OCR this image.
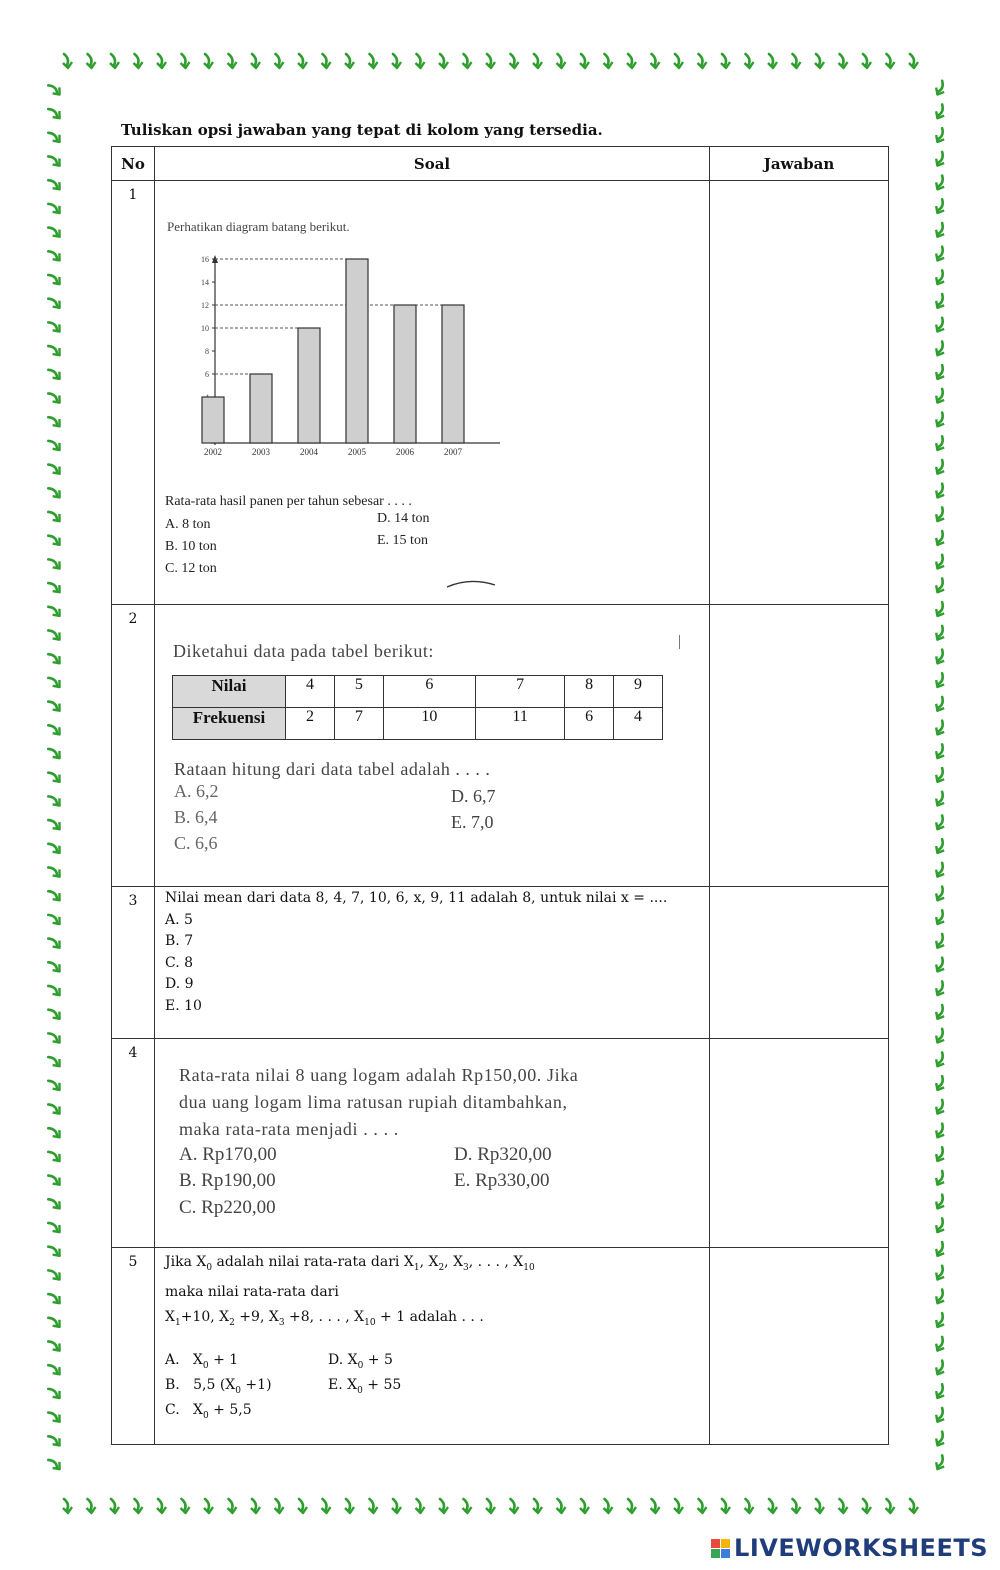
Tuliskan opsi jawaban yang tepat di kolom yang tersedia.
No	Soal	Jawaban
1	
Perhatikan diagram batang berikut.
6
8
10
12
14
16
2002	2003	2004	2005	2006	2007
Rata-rata hasil panen per tahun sebesar . . . .
A. 8 ton
B. 10 ton
C. 12 ton
D. 14 ton
E. 15 ton

2	
Diketahui data pada tabel berikut:
Nilai	4	5	6	7	8	9
Frekuensi	2	7	10	11	6	4
Rataan hitung dari data tabel adalah . . . .
A. 6,2
B. 6,4
C. 6,6
D. 6,7
E. 7,0

3	Nilai mean dari data 8, 4, 7, 10, 6, x, 9, 11 adalah 8, untuk nilai x = ....
A. 5
B. 7
C. 8
D. 9
E. 10

4	
Rata-rata nilai 8 uang logam adalah Rp150,00. Jika
dua uang logam lima ratusan rupiah ditambahkan,
maka rata-rata menjadi . . . .
A. Rp170,00
B. Rp190,00
C. Rp220,00
D. Rp320,00
E. Rp330,00

5	Jika $X_0$ adalah nilai rata-rata dari $X_1$, $X_2$, $X_3$, . . . , $X_{10}$
maka nilai rata-rata dari
$X_1+10$, $X_2 +9$, $X_3 +8$, . . . , $X_{10} + 1$ adalah . . .
A.   $X_0 + 1$
B.   5,5 $(X_0 +1)$
C.   $X_0 + 5,5$
D. $X_0 + 5$
E. $X_0 + 55$

LIVEWORKSHEETS
